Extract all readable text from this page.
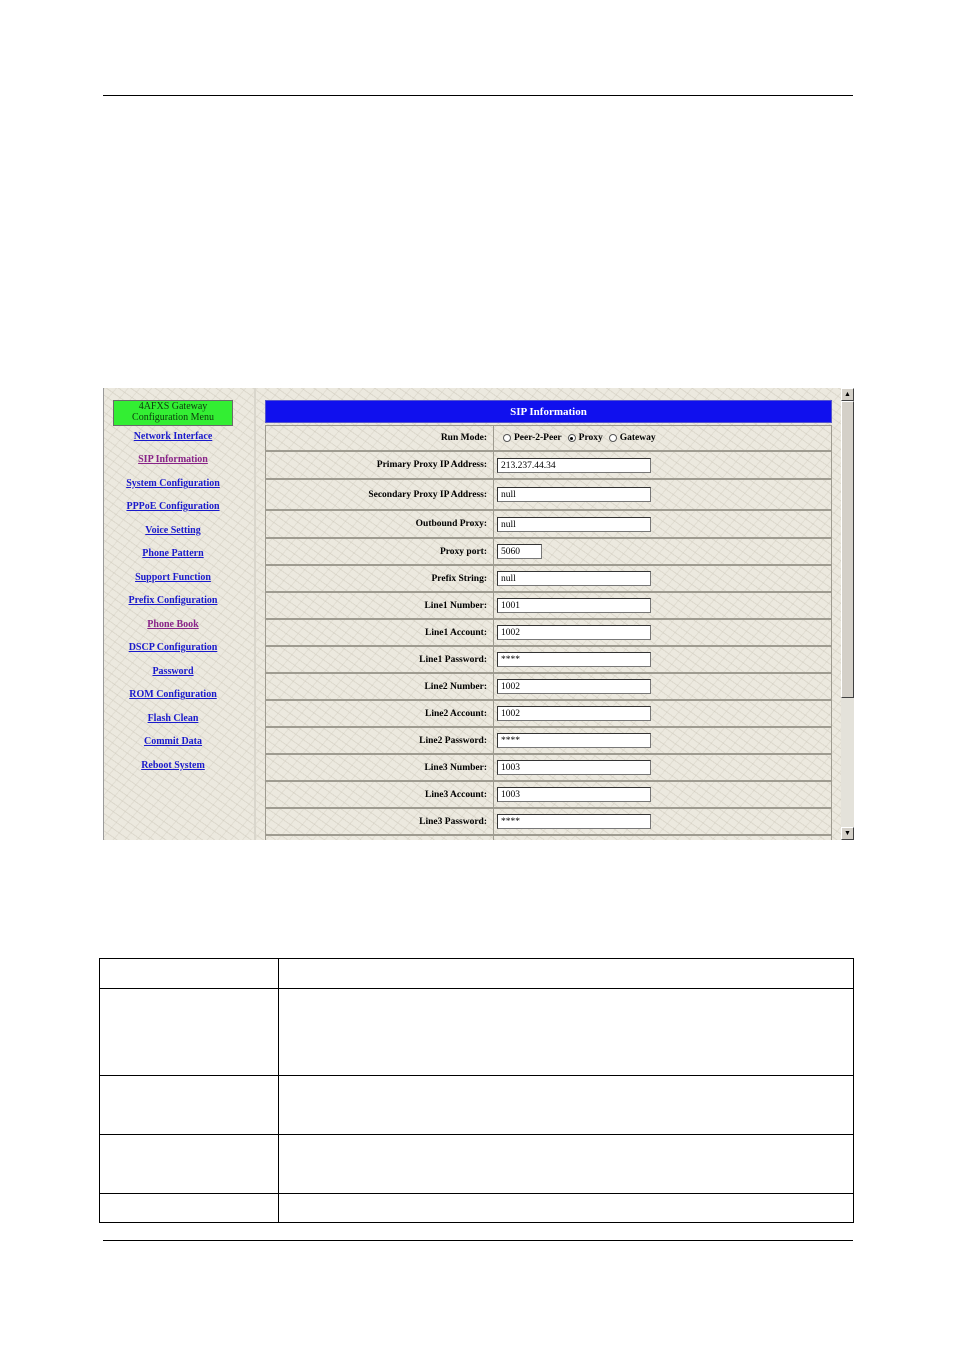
4AFXS Gateway
Configuration Menu
Network Interface
SIP Information
System Configuration
PPPoE Configuration
Voice Setting
Phone Pattern
Support Function
Prefix Configuration
Phone Book
DSCP Configuration
Password
ROM Configuration
Flash Clean
Commit Data
Reboot System
SIP Information
Run Mode:	Peer-2-Peer Proxy Gateway
Primary Proxy IP Address:	213.237.44.34
Secondary Proxy IP Address:	null
Outbound Proxy:	null
Proxy port:	5060
Prefix String:	null
Line1 Number:	1001
Line1 Account:	1002
Line1 Password:	****
Line2 Number:	1002
Line2 Account:	1002
Line2 Password:	****
Line3 Number:	1003
Line3 Account:	1003
Line3 Password:	****
▲
▼
